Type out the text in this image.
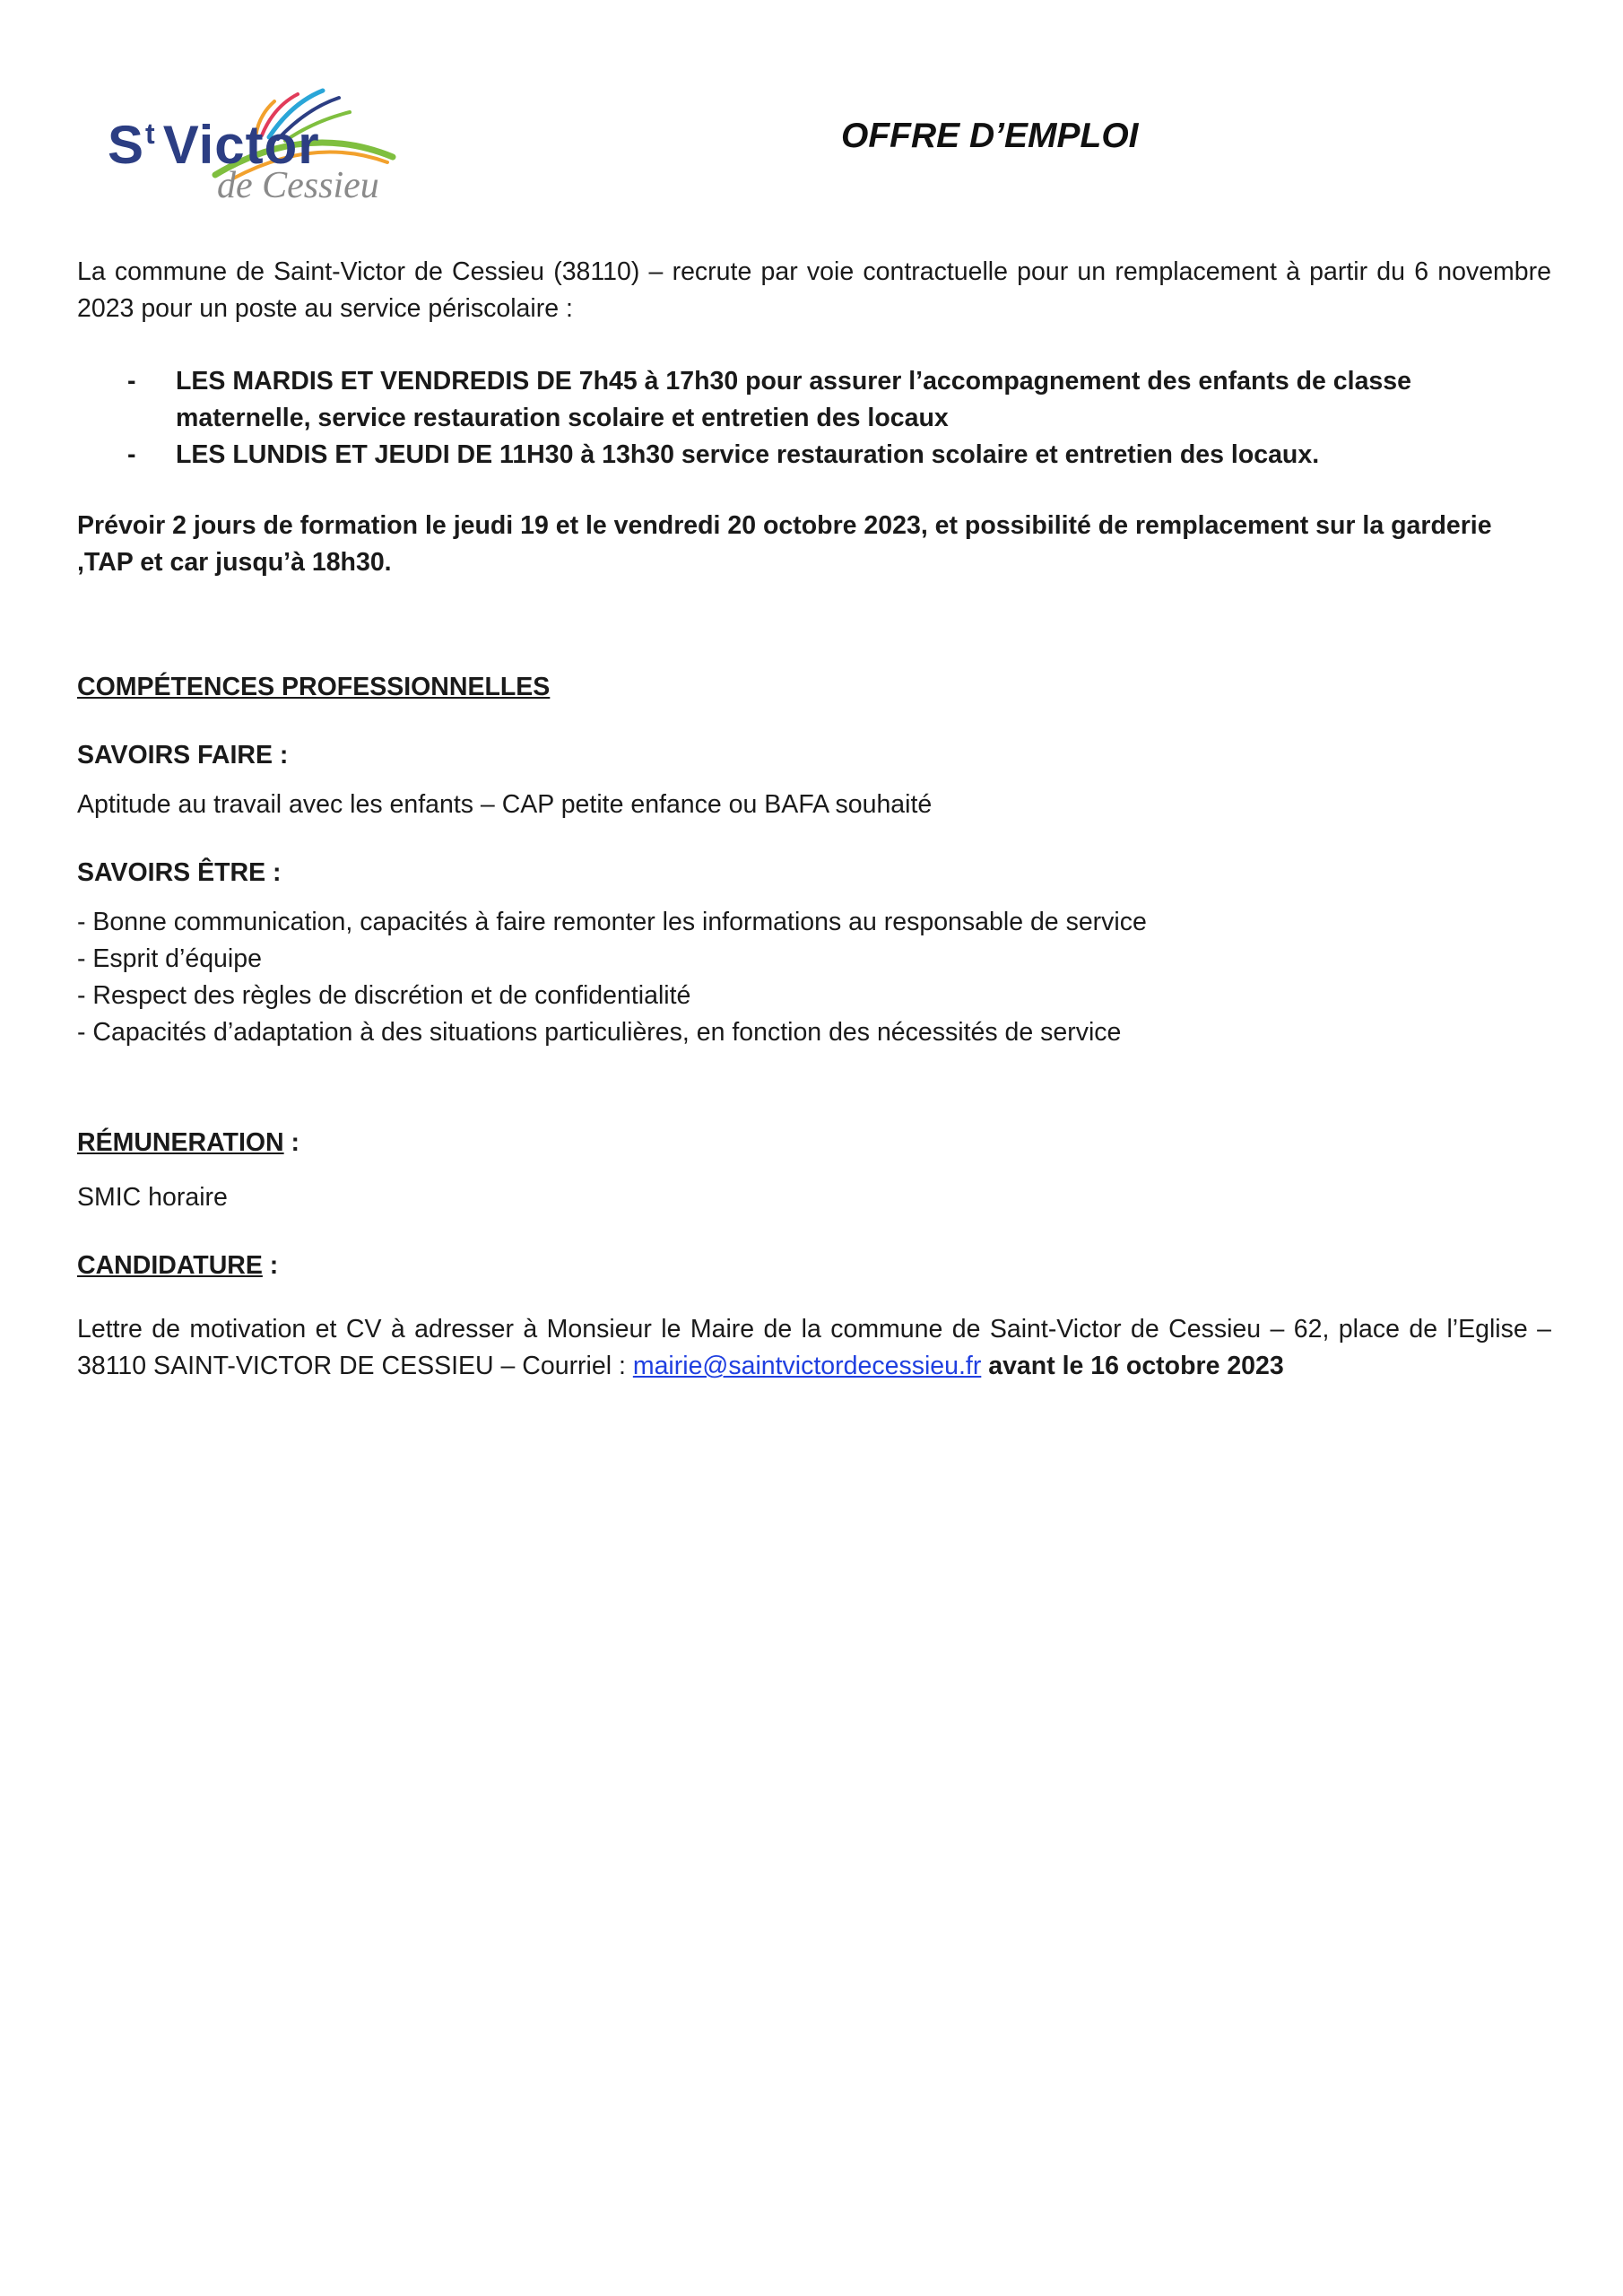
$S^t$ Victor
de Cessieu
OFFRE D’EMPLOI

La commune de Saint-Victor de Cessieu (38110) – recrute par voie contractuelle pour un remplacement à partir du 6 novembre 2023 pour un poste au service périscolaire :

- LES MARDIS ET VENDREDIS DE 7h45 à 17h30 pour assurer l’accompagnement des enfants de classe maternelle, service restauration scolaire et entretien des locaux
- LES LUNDIS ET JEUDI DE 11H30 à 13h30 service restauration scolaire et entretien des locaux.

Prévoir 2 jours de formation le jeudi 19 et le vendredi 20 octobre 2023, et possibilité de remplacement sur la garderie ,TAP et car jusqu’à 18h30.

COMPÉTENCES PROFESSIONNELLES

SAVOIRS FAIRE :

Aptitude au travail avec les enfants – CAP petite enfance ou BAFA souhaité

SAVOIRS ÊTRE :

- Bonne communication, capacités à faire remonter les informations au responsable de service
- Esprit d’équipe
- Respect des règles de discrétion et de confidentialité
- Capacités d’adaptation à des situations particulières, en fonction des nécessités de service

RÉMUNERATION :

SMIC horaire

CANDIDATURE :

Lettre de motivation et CV à adresser à Monsieur le Maire de la commune de Saint-Victor de Cessieu – 62, place de l’Eglise – 38110 SAINT-VICTOR DE CESSIEU – Courriel : mairie@saintvictordecessieu.fr avant le 16 octobre 2023
